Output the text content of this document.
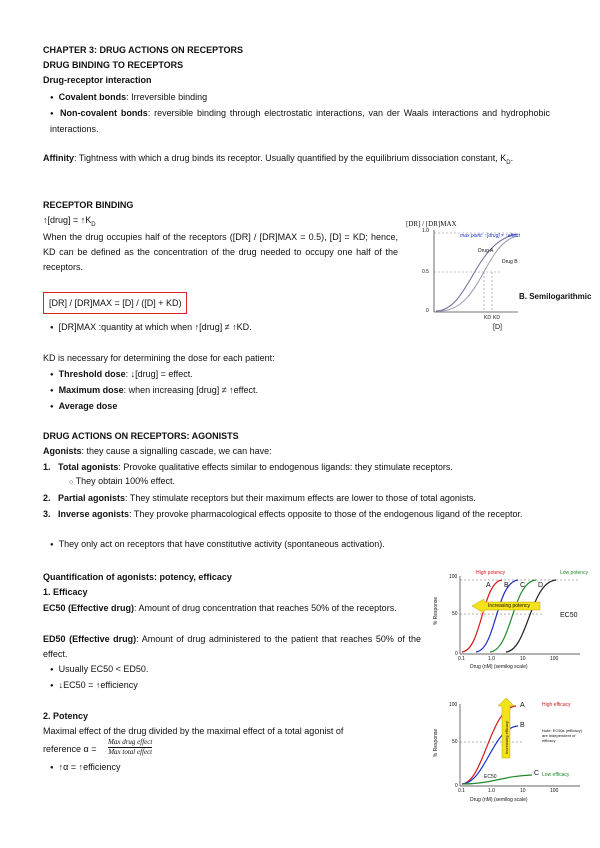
CHAPTER 3: DRUG ACTIONS ON RECEPTORS
DRUG BINDING TO RECEPTORS
Drug-receptor interaction
● Covalent bonds: Irreversible binding
● Non-covalent bonds: reversible binding through electrostatic interactions, van der Waals interactions and hydrophobic interactions.
Affinity: Tightness with which a drug binds its receptor. Usually quantified by the equilibrium dissociation constant, $K_D$.
RECEPTOR BINDING
↑[drug] = $↑K_D$
When the drug occupies half of the receptors ([DR] / [DR]MAX = 0.5), [D] = KD; hence, KD can be defined as the concentration of the drug needed to occupy one half of the receptors.
[DR] / [DR]MAX = [D] / ([D] + KD)
● [DR]MAX :quantity at which when ↑[drug] ≠ ↑KD.
KD is necessary for determining the dose for each patient:
● Threshold dose: ↓[drug] = effect.
● Maximum dose: when increasing [drug] ≠ ↑effect.
● Average dose
[DR] / [DR]MAX
1.0
0.5
0
max point: ↑[drug] ≠ ↑effect
Drug A
Drug B
KD KD
[D]
B. Semilogarithmic
DRUG ACTIONS ON RECEPTORS: AGONISTS
Agonists: they cause a signalling cascade, we can have:
1. Total agonists: Provoke qualitative effects similar to endogenous ligands: they stimulate receptors.
○ They obtain 100% effect.
2. Partial agonists: They stimulate receptors but their maximum effects are lower to those of total agonists.
3. Inverse agonists: They provoke pharmacological effects opposite to those of the endogenous ligand of the receptor.
● They only act on receptors that have constitutive activity (spontaneous activation).
Quantification of agonists: potency, efficacy
1. Efficacy
EC50 (Effective drug): Amount of drug concentration that reaches 50% of the receptors.
ED50 (Effective drug): Amount of drug administered to the patient that reaches 50% of the effect.
● Usually EC50 < ED50.
● ↓EC50 = ↑efficiency
2. Potency
Maximal effect of the drug divided by the maximal effect of a total agonist of
reference α =
Max drug effect
Max total effect
● ↑α = ↑efficiency
% Response
100
50
0
High potency	Low potency
A B C D
Increasing potency
EC50
0.1	1.0	10	100
Drug (nM) (semilog scale)
% Response
100
50
0
Increasing efficacy
A
B
C
High efficacy
Note: EC50s (efficacy) are independent of efficacy
Low efficacy
EC50
0.1	1.0	10	100
Drug (nM) (semilog scale)
